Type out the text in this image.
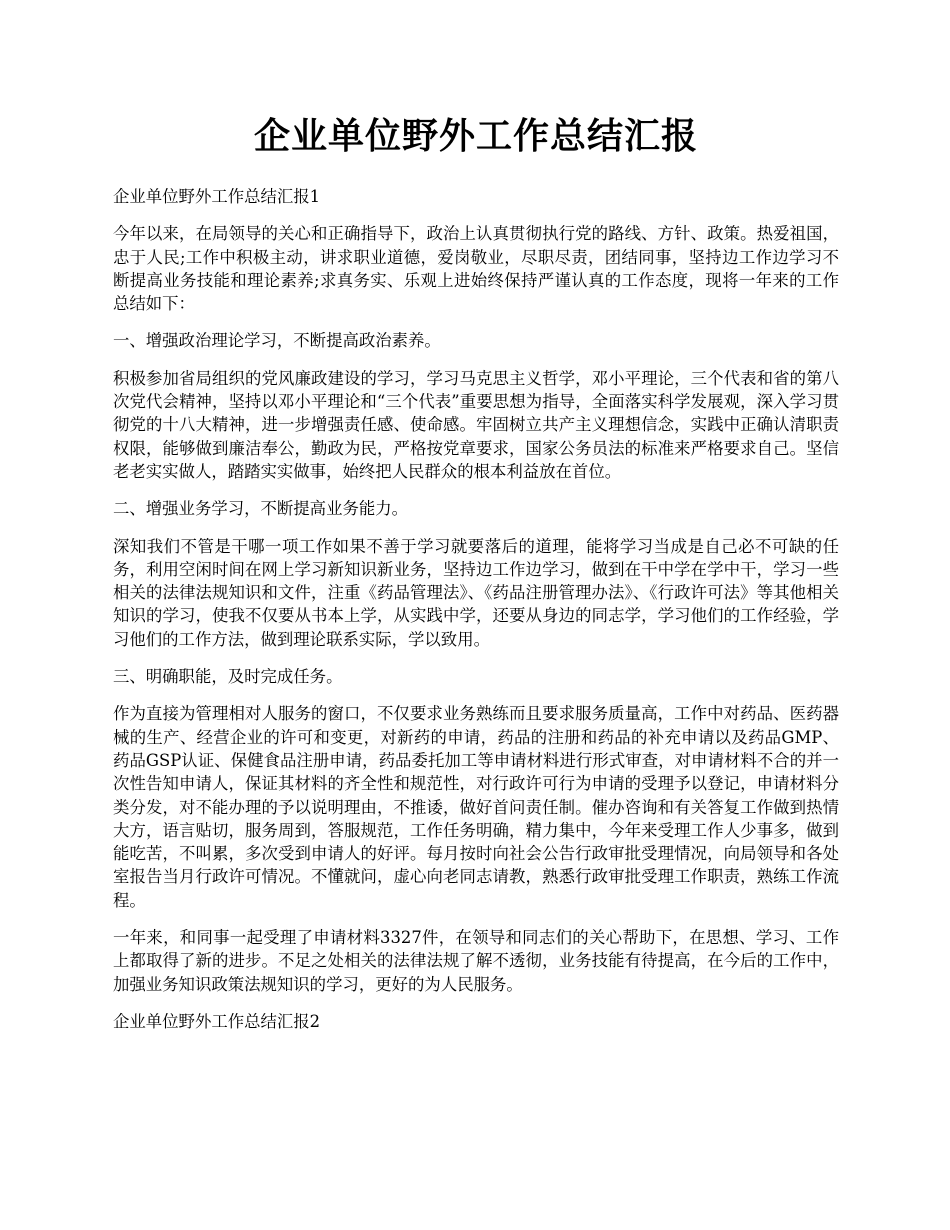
企业单位野外工作总结汇报

企业单位野外工作总结汇报1

今年以来，在局领导的关心和正确指导下，政治上认真贯彻执行党的路线、方针、政策。热爱祖国，忠于人民;工作中积极主动，讲求职业道德，爱岗敬业，尽职尽责，团结同事，坚持边工作边学习不断提高业务技能和理论素养;求真务实、乐观上进始终保持严谨认真的工作态度，现将一年来的工作总结如下：

一、增强政治理论学习，不断提高政治素养。

积极参加省局组织的党风廉政建设的学习，学习马克思主义哲学，邓小平理论，三个代表和省的第八次党代会精神，坚持以邓小平理论和“三个代表”重要思想为指导，全面落实科学发展观，深入学习贯彻党的十八大精神，进一步增强责任感、使命感。牢固树立共产主义理想信念，实践中正确认清职责权限，能够做到廉洁奉公，勤政为民，严格按党章要求，国家公务员法的标准来严格要求自己。坚信老老实实做人，踏踏实实做事，始终把人民群众的根本利益放在首位。

二、增强业务学习，不断提高业务能力。

深知我们不管是干哪一项工作如果不善于学习就要落后的道理，能将学习当成是自己必不可缺的任务，利用空闲时间在网上学习新知识新业务，坚持边工作边学习，做到在干中学在学中干，学习一些相关的法律法规知识和文件，注重《药品管理法》、《药品注册管理办法》、《行政许可法》等其他相关知识的学习，使我不仅要从书本上学，从实践中学，还要从身边的同志学，学习他们的工作经验，学习他们的工作方法，做到理论联系实际，学以致用。

三、明确职能，及时完成任务。

作为直接为管理相对人服务的窗口，不仅要求业务熟练而且要求服务质量高，工作中对药品、医药器械的生产、经营企业的许可和变更，对新药的申请，药品的注册和药品的补充申请以及药品GMP、药品GSP认证、保健食品注册申请，药品委托加工等申请材料进行形式审查，对申请材料不合的并一次性告知申请人，保证其材料的齐全性和规范性，对行政许可行为申请的受理予以登记，申请材料分类分发，对不能办理的予以说明理由，不推诿，做好首问责任制。催办咨询和有关答复工作做到热情大方，语言贴切，服务周到，答服规范，工作任务明确，精力集中，今年来受理工作人少事多，做到能吃苦，不叫累，多次受到申请人的好评。每月按时向社会公告行政审批受理情况，向局领导和各处室报告当月行政许可情况。不懂就问，虚心向老同志请教，熟悉行政审批受理工作职责，熟练工作流程。

一年来，和同事一起受理了申请材料3327件，在领导和同志们的关心帮助下，在思想、学习、工作上都取得了新的进步。不足之处相关的法律法规了解不透彻，业务技能有待提高，在今后的工作中，加强业务知识政策法规知识的学习，更好的为人民服务。

企业单位野外工作总结汇报2
